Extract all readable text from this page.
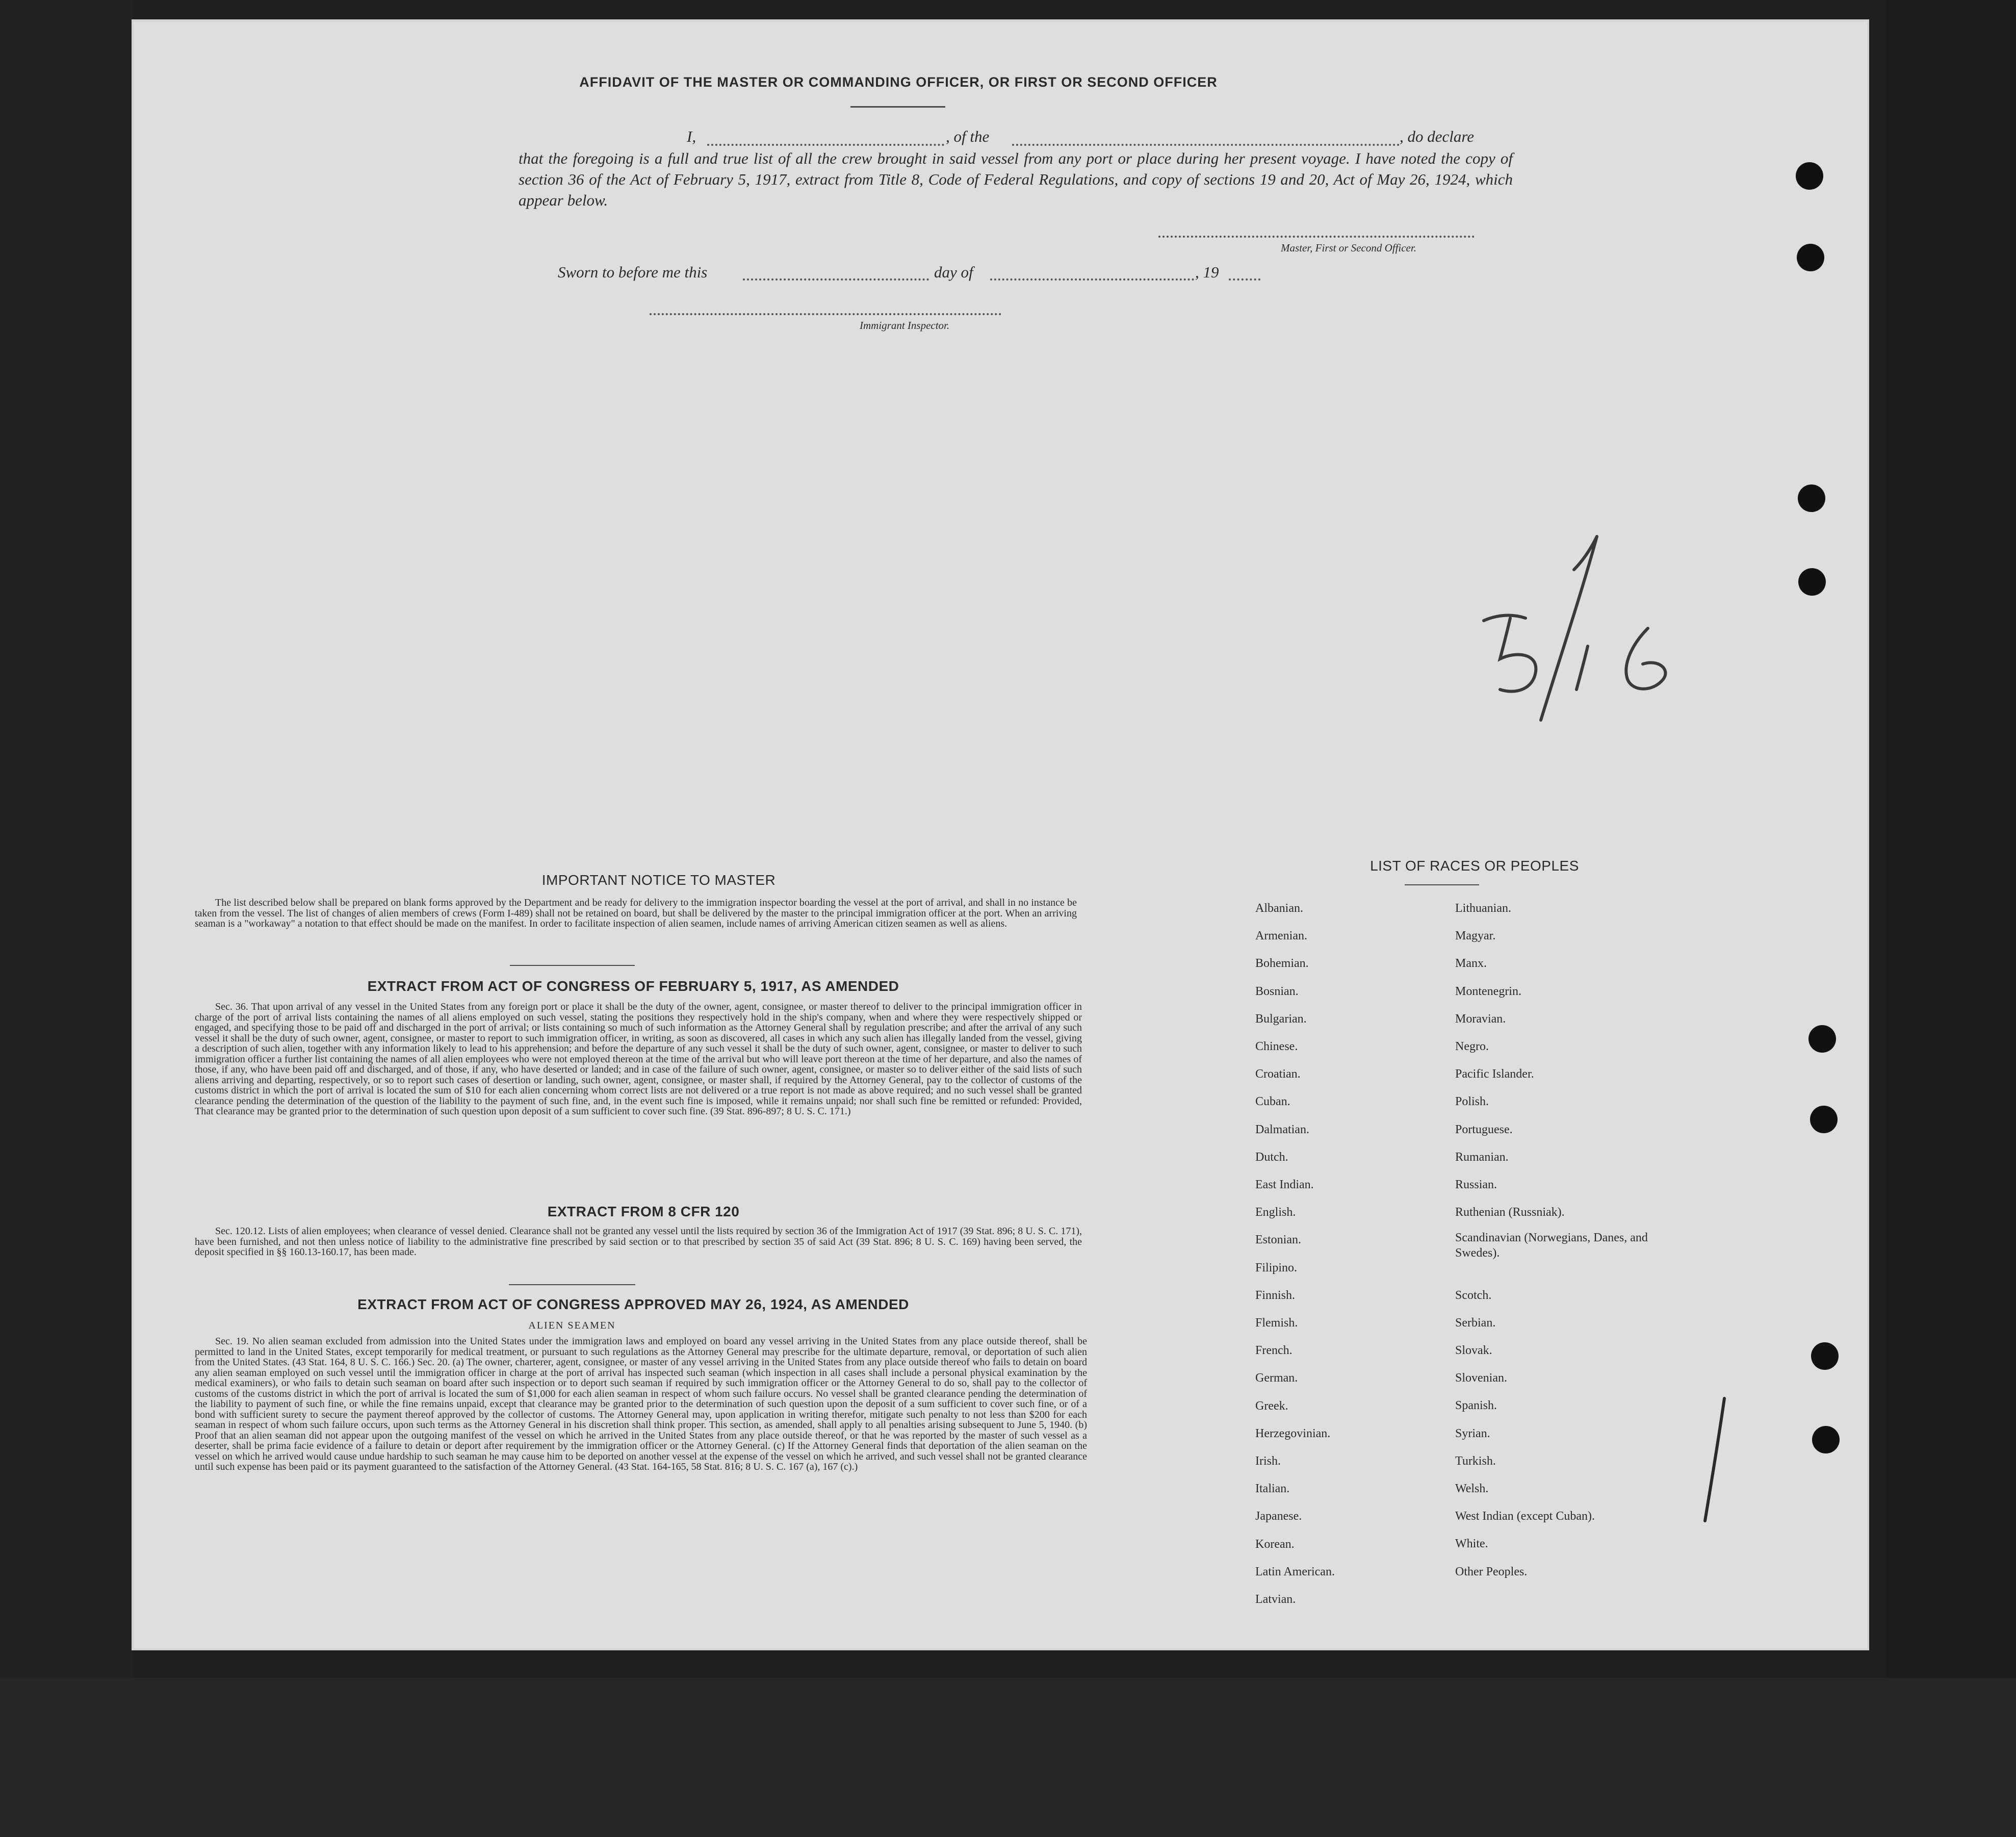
AFFIDAVIT OF THE MASTER OR COMMANDING OFFICER, OR FIRST OR SECOND OFFICER
I,	, of the	, do declare
that the foregoing is a full and true list of all the crew brought in said vessel from any port or place during her present voyage. I have noted the copy of section 36 of the Act of February 5, 1917, extract from Title 8, Code of Federal Regulations, and copy of sections 19 and 20, Act of May 26, 1924, which appear below.
Master, First or Second Officer.
Sworn to before me this	day of	, 19
Immigrant Inspector.
IMPORTANT NOTICE TO MASTER
The list described below shall be prepared on blank forms approved by the Department and be ready for delivery to the immigration inspector boarding the vessel at the port of arrival, and shall in no instance be taken from the vessel. The list of changes of alien members of crews (Form I-489) shall not be retained on board, but shall be delivered by the master to the principal immigration officer at the port. When an arriving seaman is a "workaway" a notation to that effect should be made on the manifest. In order to facilitate inspection of alien seamen, include names of arriving American citizen seamen as well as aliens.
EXTRACT FROM ACT OF CONGRESS OF FEBRUARY 5, 1917, AS AMENDED
Sec. 36. That upon arrival of any vessel in the United States from any foreign port or place it shall be the duty of the owner, agent, consignee, or master thereof to deliver to the principal immigration officer in charge of the port of arrival lists containing the names of all aliens employed on such vessel, stating the positions they respectively hold in the ship's company, when and where they were respectively shipped or engaged, and specifying those to be paid off and discharged in the port of arrival; or lists containing so much of such information as the Attorney General shall by regulation prescribe; and after the arrival of any such vessel it shall be the duty of such owner, agent, consignee, or master to report to such immigration officer, in writing, as soon as discovered, all cases in which any such alien has illegally landed from the vessel, giving a description of such alien, together with any information likely to lead to his apprehension; and before the departure of any such vessel it shall be the duty of such owner, agent, consignee, or master to deliver to such immigration officer a further list containing the names of all alien employees who were not employed thereon at the time of the arrival but who will leave port thereon at the time of her departure, and also the names of those, if any, who have been paid off and discharged, and of those, if any, who have deserted or landed; and in case of the failure of such owner, agent, consignee, or master so to deliver either of the said lists of such aliens arriving and departing, respectively, or so to report such cases of desertion or landing, such owner, agent, consignee, or master shall, if required by the Attorney General, pay to the collector of customs of the customs district in which the port of arrival is located the sum of $10 for each alien concerning whom correct lists are not delivered or a true report is not made as above required; and no such vessel shall be granted clearance pending the determination of the question of the liability to the payment of such fine, and, in the event such fine is imposed, while it remains unpaid; nor shall such fine be remitted or refunded: Provided, That clearance may be granted prior to the determination of such question upon deposit of a sum sufficient to cover such fine. (39 Stat. 896-897; 8 U. S. C. 171.)
EXTRACT FROM 8 CFR 120
Sec. 120.12. Lists of alien employees; when clearance of vessel denied. Clearance shall not be granted any vessel until the lists required by section 36 of the Immigration Act of 1917 (39 Stat. 896; 8 U. S. C. 171), have been furnished, and not then unless notice of liability to the administrative fine prescribed by said section or to that prescribed by section 35 of said Act (39 Stat. 896; 8 U. S. C. 169) having been served, the deposit specified in §§ 160.13-160.17, has been made.
EXTRACT FROM ACT OF CONGRESS APPROVED MAY 26, 1924, AS AMENDED
ALIEN SEAMEN
Sec. 19. No alien seaman excluded from admission into the United States under the immigration laws and employed on board any vessel arriving in the United States from any place outside thereof, shall be permitted to land in the United States, except temporarily for medical treatment, or pursuant to such regulations as the Attorney General may prescribe for the ultimate departure, removal, or deportation of such alien from the United States. (43 Stat. 164, 8 U. S. C. 166.) Sec. 20. (a) The owner, charterer, agent, consignee, or master of any vessel arriving in the United States from any place outside thereof who fails to detain on board any alien seaman employed on such vessel until the immigration officer in charge at the port of arrival has inspected such seaman (which inspection in all cases shall include a personal physical examination by the medical examiners), or who fails to detain such seaman on board after such inspection or to deport such seaman if required by such immigration officer or the Attorney General to do so, shall pay to the collector of customs of the customs district in which the port of arrival is located the sum of $1,000 for each alien seaman in respect of whom such failure occurs. No vessel shall be granted clearance pending the determination of the liability to payment of such fine, or while the fine remains unpaid, except that clearance may be granted prior to the determination of such question upon the deposit of a sum sufficient to cover such fine, or of a bond with sufficient surety to secure the payment thereof approved by the collector of customs. The Attorney General may, upon application in writing therefor, mitigate such penalty to not less than $200 for each seaman in respect of whom such failure occurs, upon such terms as the Attorney General in his discretion shall think proper. This section, as amended, shall apply to all penalties arising subsequent to June 5, 1940. (b) Proof that an alien seaman did not appear upon the outgoing manifest of the vessel on which he arrived in the United States from any place outside thereof, or that he was reported by the master of such vessel as a deserter, shall be prima facie evidence of a failure to detain or deport after requirement by the immigration officer or the Attorney General. (c) If the Attorney General finds that deportation of the alien seaman on the vessel on which he arrived would cause undue hardship to such seaman he may cause him to be deported on another vessel at the expense of the vessel on which he arrived, and such vessel shall not be granted clearance until such expense has been paid or its payment guaranteed to the satisfaction of the Attorney General. (43 Stat. 164-165, 58 Stat. 816; 8 U. S. C. 167 (a), 167 (c).)
LIST OF RACES OR PEOPLES
Albanian.
Armenian.
Bohemian.
Bosnian.
Bulgarian.
Chinese.
Croatian.
Cuban.
Dalmatian.
Dutch.
East Indian.
English.
Estonian.
Filipino.
Finnish.
Flemish.
French.
German.
Greek.
Herzegovinian.
Irish.
Italian.
Japanese.
Korean.
Latin American.
Latvian.
Lithuanian.
Magyar.
Manx.
Montenegrin.
Moravian.
Negro.
Pacific Islander.
Polish.
Portuguese.
Rumanian.
Russian.
Ruthenian (Russniak).
Scandinavian (Norwegians, Danes, and Swedes).
Scotch.
Serbian.
Slovak.
Slovenian.
Spanish.
Syrian.
Turkish.
Welsh.
West Indian (except Cuban).
White.
Other Peoples.
